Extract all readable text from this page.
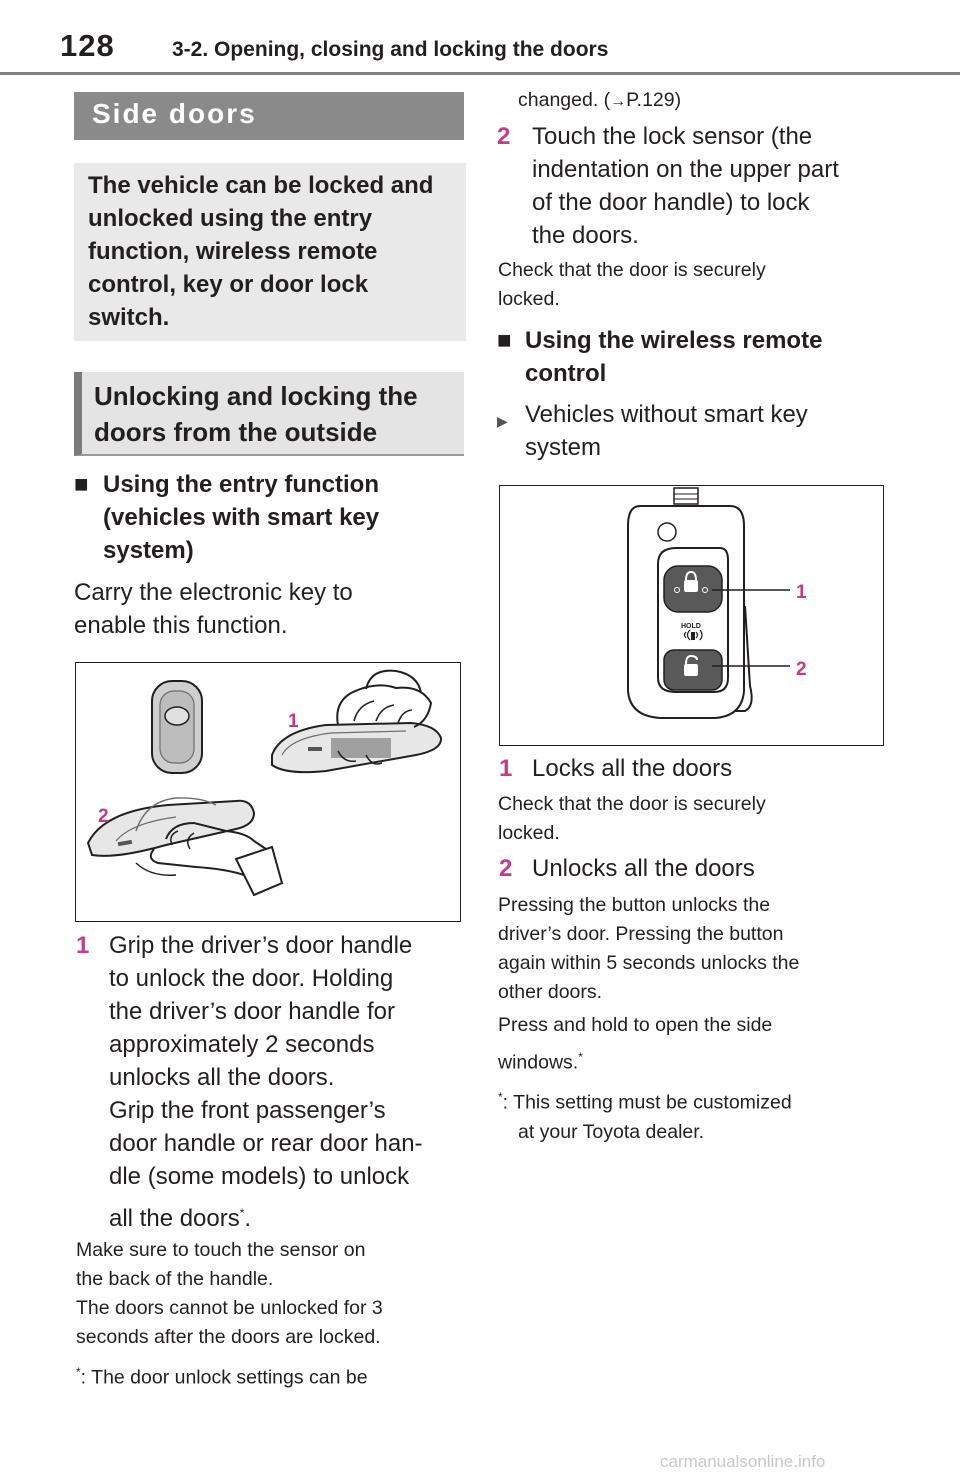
128	3-2. Opening, closing and locking the doors
Side doors
The vehicle can be locked and unlocked using the entry function, wireless remote control, key or door lock switch.
Unlocking and locking the
doors from the outside
■ Using the entry function
(vehicles with smart key
system)
Carry the electronic key to
enable this function.
1
2
1 Grip the driver’s door handle
to unlock the door. Holding
the driver’s door handle for
approximately 2 seconds
unlocks all the doors.
Grip the front passenger’s
door handle or rear door han-
dle (some models) to unlock
all the doors*.
Make sure to touch the sensor on
the back of the handle.
The doors cannot be unlocked for 3
seconds after the doors are locked.
*: The door unlock settings can be
changed. (→P.129)
2 Touch the lock sensor (the
indentation on the upper part
of the door handle) to lock
the doors.
Check that the door is securely
locked.
■ Using the wireless remote
control
▶ Vehicles without smart key
system
HOLD
1
2
1 Locks all the doors
Check that the door is securely
locked.
2 Unlocks all the doors
Pressing the button unlocks the
driver’s door. Pressing the button
again within 5 seconds unlocks the
other doors.
Press and hold to open the side
windows.*
*: This setting must be customized
at your Toyota dealer.
carmanualsonline.info
